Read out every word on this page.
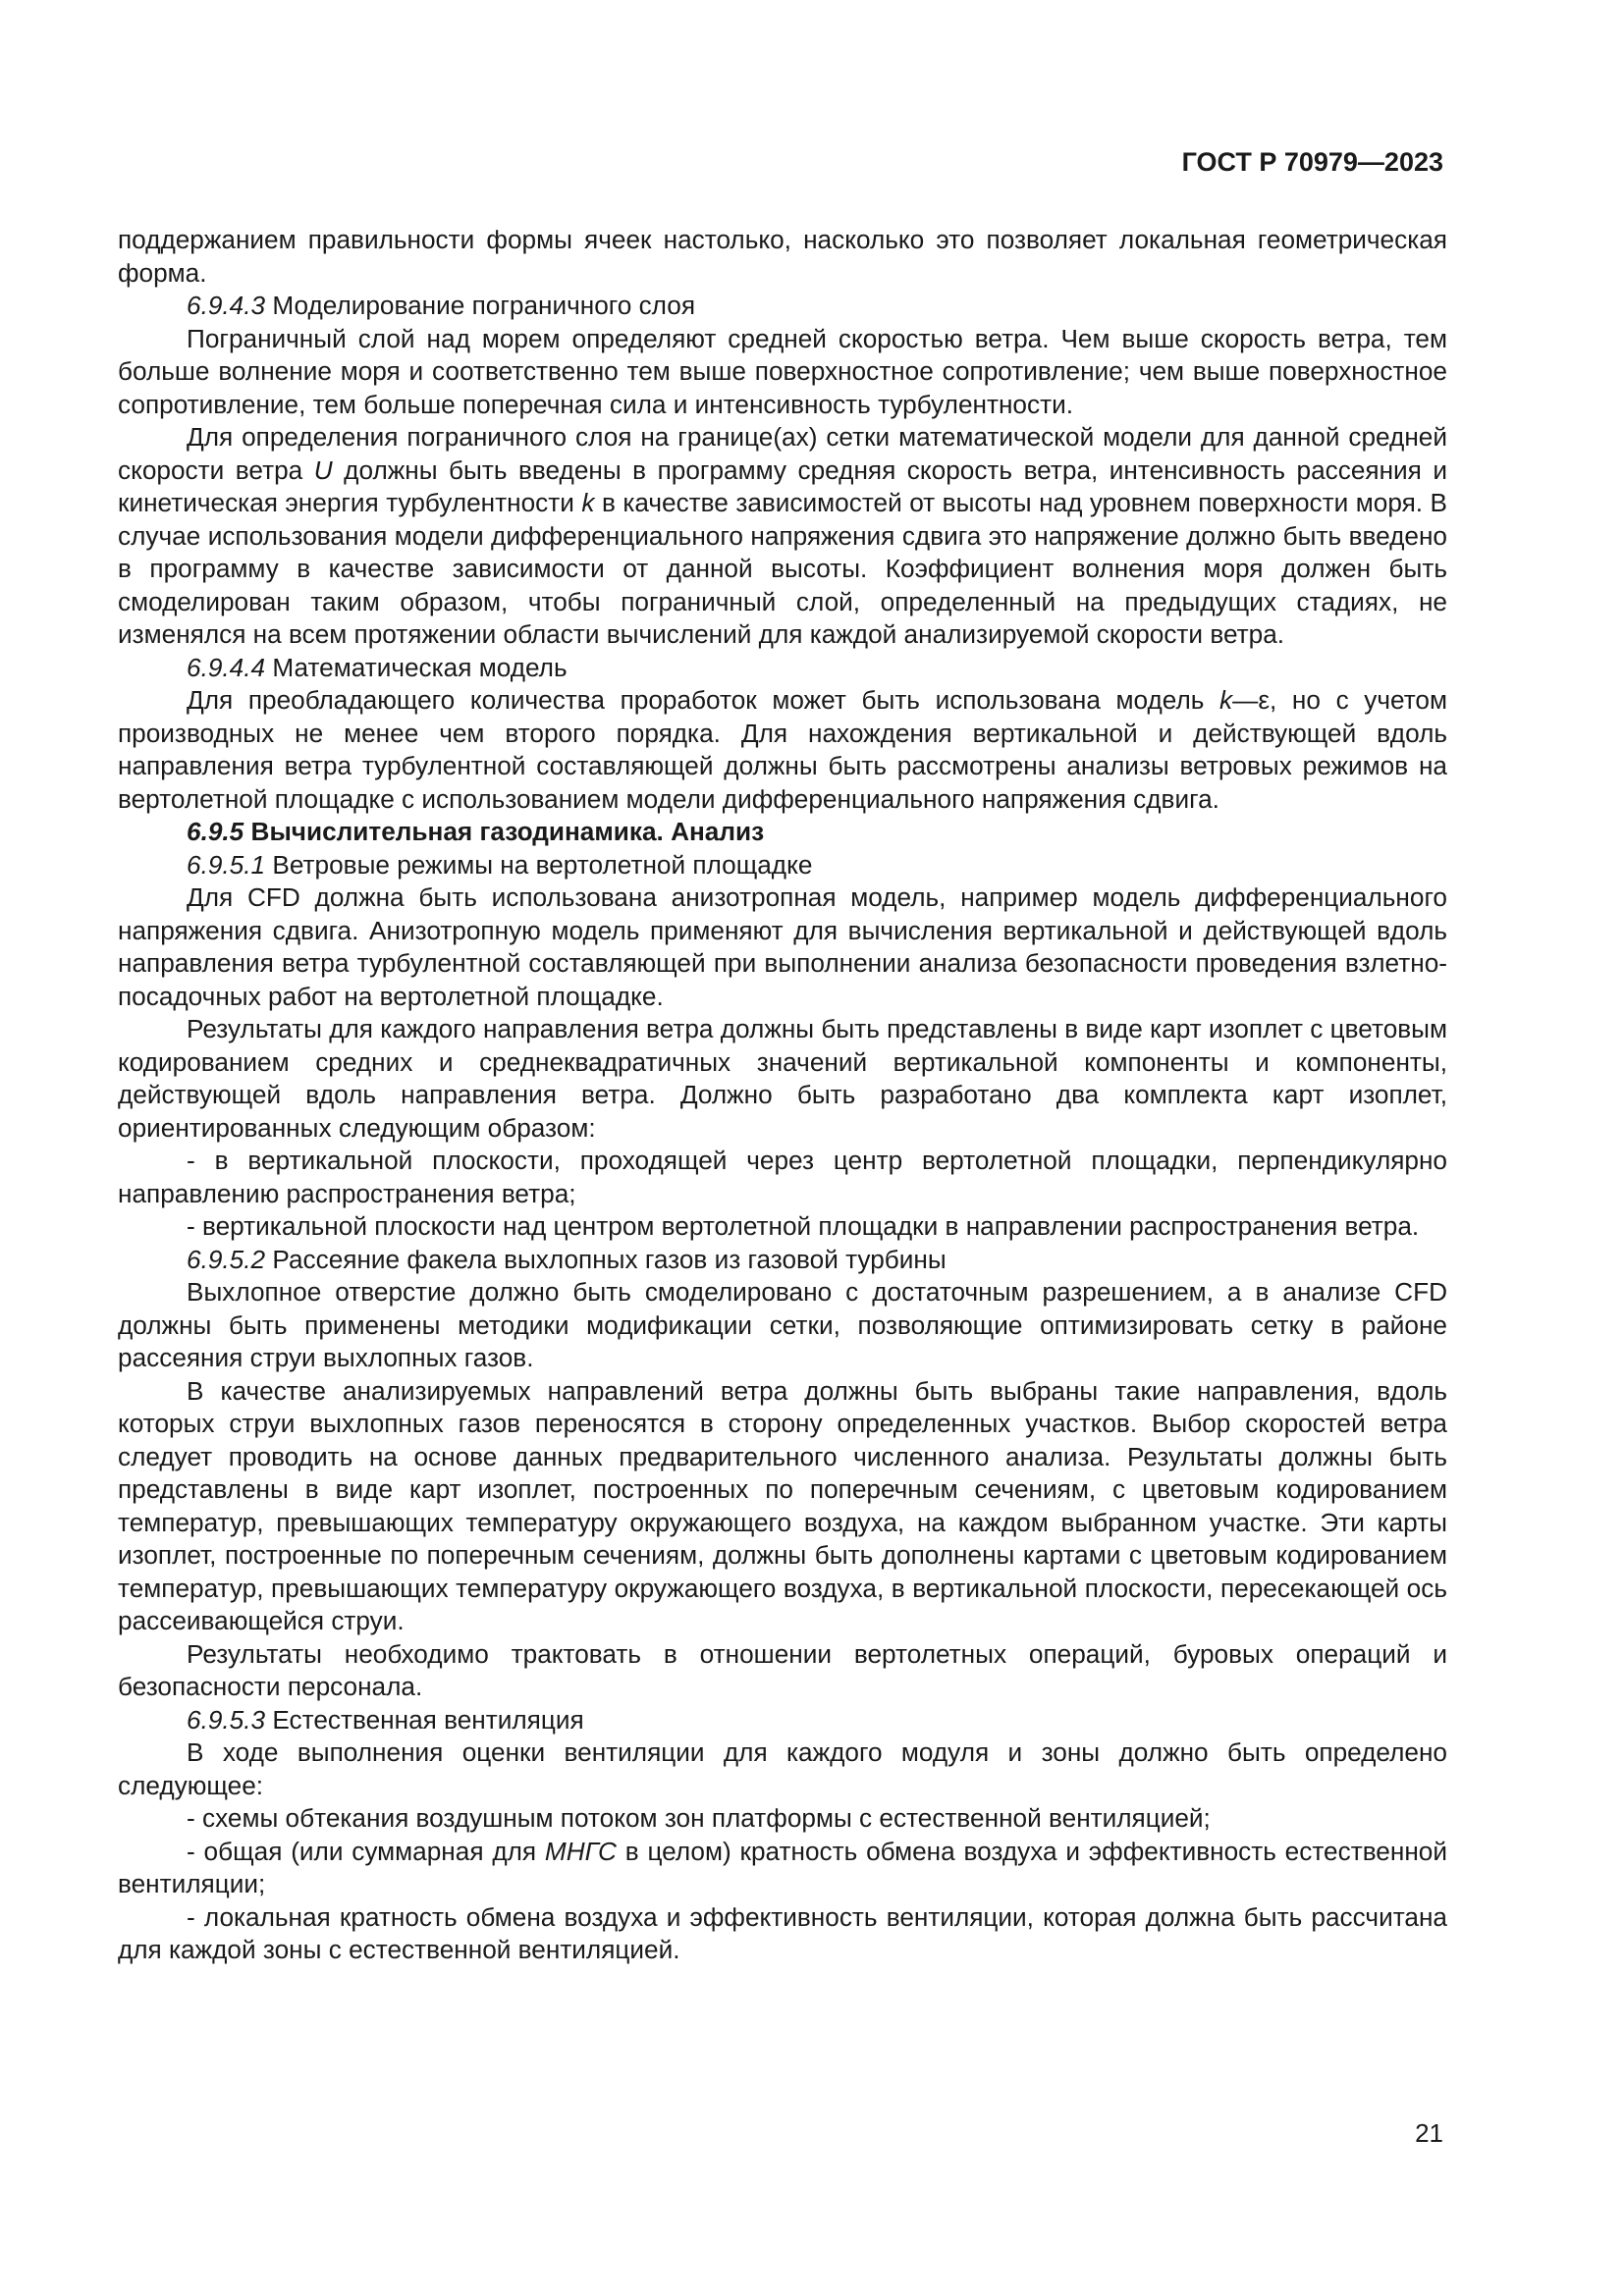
ГОСТ Р 70979—2023

поддержанием правильности формы ячеек настолько, насколько это позволяет локальная геометрическая форма.

6.9.4.3 Моделирование пограничного слоя

Пограничный слой над морем определяют средней скоростью ветра. Чем выше скорость ветра, тем больше волнение моря и соответственно тем выше поверхностное сопротивление; чем выше поверхностное сопротивление, тем больше поперечная сила и интенсивность турбулентности.

Для определения пограничного слоя на границе(ах) сетки математической модели для данной средней скорости ветра U должны быть введены в программу средняя скорость ветра, интенсивность рассеяния и кинетическая энергия турбулентности k в качестве зависимостей от высоты над уровнем поверхности моря. В случае использования модели дифференциального напряжения сдвига это напряжение должно быть введено в программу в качестве зависимости от данной высоты. Коэффициент волнения моря должен быть смоделирован таким образом, чтобы пограничный слой, определенный на предыдущих стадиях, не изменялся на всем протяжении области вычислений для каждой анализируемой скорости ветра.

6.9.4.4 Математическая модель

Для преобладающего количества проработок может быть использована модель k—ε, но с учетом производных не менее чем второго порядка. Для нахождения вертикальной и действующей вдоль направления ветра турбулентной составляющей должны быть рассмотрены анализы ветровых режимов на вертолетной площадке с использованием модели дифференциального напряжения сдвига.

6.9.5 Вычислительная газодинамика. Анализ

6.9.5.1 Ветровые режимы на вертолетной площадке

Для CFD должна быть использована анизотропная модель, например модель дифференциального напряжения сдвига. Анизотропную модель применяют для вычисления вертикальной и действующей вдоль направления ветра турбулентной составляющей при выполнении анализа безопасности проведения взлетно-посадочных работ на вертолетной площадке.

Результаты для каждого направления ветра должны быть представлены в виде карт изоплет с цветовым кодированием средних и среднеквадратичных значений вертикальной компоненты и компоненты, действующей вдоль направления ветра. Должно быть разработано два комплекта карт изоплет, ориентированных следующим образом:

- в вертикальной плоскости, проходящей через центр вертолетной площадки, перпендикулярно направлению распространения ветра;

- вертикальной плоскости над центром вертолетной площадки в направлении распространения ветра.

6.9.5.2 Рассеяние факела выхлопных газов из газовой турбины

Выхлопное отверстие должно быть смоделировано с достаточным разрешением, а в анализе CFD должны быть применены методики модификации сетки, позволяющие оптимизировать сетку в районе рассеяния струи выхлопных газов.

В качестве анализируемых направлений ветра должны быть выбраны такие направления, вдоль которых струи выхлопных газов переносятся в сторону определенных участков. Выбор скоростей ветра следует проводить на основе данных предварительного численного анализа. Результаты должны быть представлены в виде карт изоплет, построенных по поперечным сечениям, с цветовым кодированием температур, превышающих температуру окружающего воздуха, на каждом выбранном участке. Эти карты изоплет, построенные по поперечным сечениям, должны быть дополнены картами с цветовым кодированием температур, превышающих температуру окружающего воздуха, в вертикальной плоскости, пересекающей ось рассеивающейся струи.

Результаты необходимо трактовать в отношении вертолетных операций, буровых операций и безопасности персонала.

6.9.5.3 Естественная вентиляция

В ходе выполнения оценки вентиляции для каждого модуля и зоны должно быть определено следующее:

- схемы обтекания воздушным потоком зон платформы с естественной вентиляцией;

- общая (или суммарная для МНГС в целом) кратность обмена воздуха и эффективность естественной вентиляции;

- локальная кратность обмена воздуха и эффективность вентиляции, которая должна быть рассчитана для каждой зоны с естественной вентиляцией.

21
